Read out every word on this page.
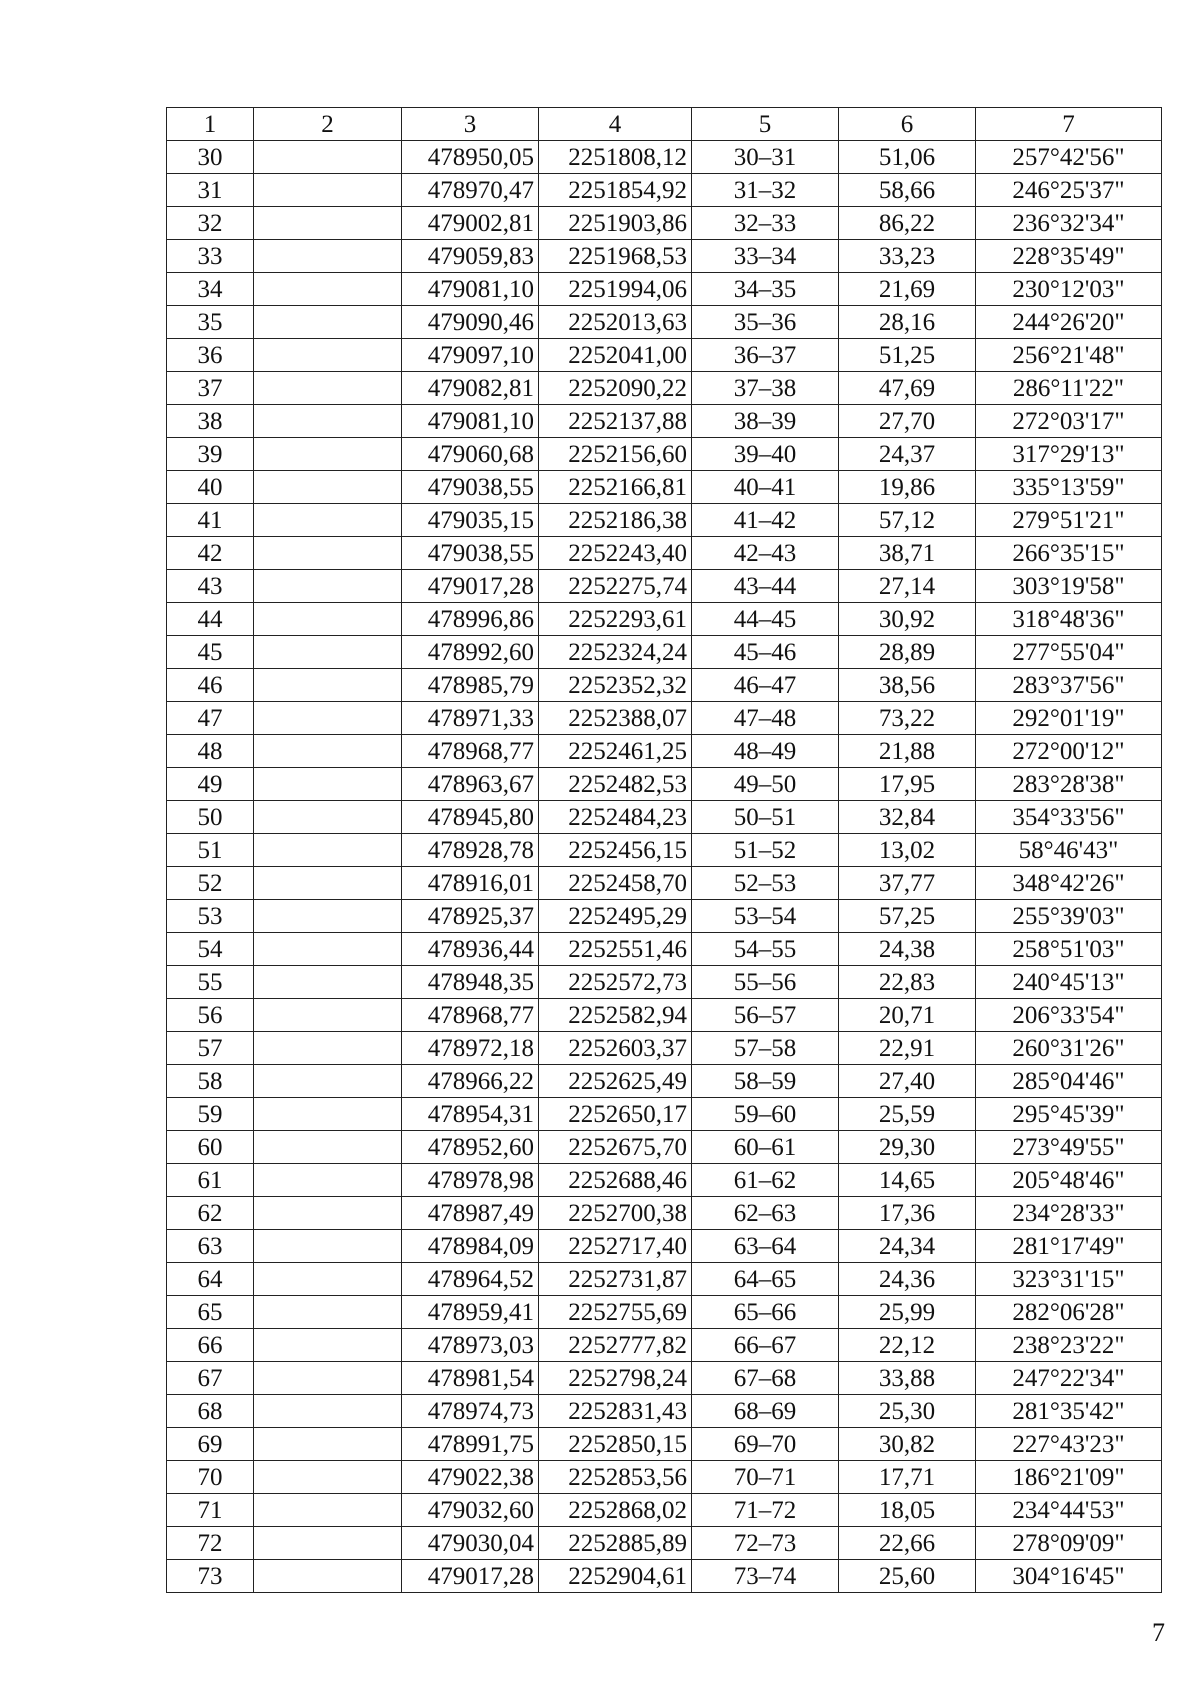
1	2	3	4	5	6	7
30		478950,05	2251808,12	30–31	51,06	257°42'56"
31		478970,47	2251854,92	31–32	58,66	246°25'37"
32		479002,81	2251903,86	32–33	86,22	236°32'34"
33		479059,83	2251968,53	33–34	33,23	228°35'49"
34		479081,10	2251994,06	34–35	21,69	230°12'03"
35		479090,46	2252013,63	35–36	28,16	244°26'20"
36		479097,10	2252041,00	36–37	51,25	256°21'48"
37		479082,81	2252090,22	37–38	47,69	286°11'22"
38		479081,10	2252137,88	38–39	27,70	272°03'17"
39		479060,68	2252156,60	39–40	24,37	317°29'13"
40		479038,55	2252166,81	40–41	19,86	335°13'59"
41		479035,15	2252186,38	41–42	57,12	279°51'21"
42		479038,55	2252243,40	42–43	38,71	266°35'15"
43		479017,28	2252275,74	43–44	27,14	303°19'58"
44		478996,86	2252293,61	44–45	30,92	318°48'36"
45		478992,60	2252324,24	45–46	28,89	277°55'04"
46		478985,79	2252352,32	46–47	38,56	283°37'56"
47		478971,33	2252388,07	47–48	73,22	292°01'19"
48		478968,77	2252461,25	48–49	21,88	272°00'12"
49		478963,67	2252482,53	49–50	17,95	283°28'38"
50		478945,80	2252484,23	50–51	32,84	354°33'56"
51		478928,78	2252456,15	51–52	13,02	58°46'43"
52		478916,01	2252458,70	52–53	37,77	348°42'26"
53		478925,37	2252495,29	53–54	57,25	255°39'03"
54		478936,44	2252551,46	54–55	24,38	258°51'03"
55		478948,35	2252572,73	55–56	22,83	240°45'13"
56		478968,77	2252582,94	56–57	20,71	206°33'54"
57		478972,18	2252603,37	57–58	22,91	260°31'26"
58		478966,22	2252625,49	58–59	27,40	285°04'46"
59		478954,31	2252650,17	59–60	25,59	295°45'39"
60		478952,60	2252675,70	60–61	29,30	273°49'55"
61		478978,98	2252688,46	61–62	14,65	205°48'46"
62		478987,49	2252700,38	62–63	17,36	234°28'33"
63		478984,09	2252717,40	63–64	24,34	281°17'49"
64		478964,52	2252731,87	64–65	24,36	323°31'15"
65		478959,41	2252755,69	65–66	25,99	282°06'28"
66		478973,03	2252777,82	66–67	22,12	238°23'22"
67		478981,54	2252798,24	67–68	33,88	247°22'34"
68		478974,73	2252831,43	68–69	25,30	281°35'42"
69		478991,75	2252850,15	69–70	30,82	227°43'23"
70		479022,38	2252853,56	70–71	17,71	186°21'09"
71		479032,60	2252868,02	71–72	18,05	234°44'53"
72		479030,04	2252885,89	72–73	22,66	278°09'09"
73		479017,28	2252904,61	73–74	25,60	304°16'45"
7
